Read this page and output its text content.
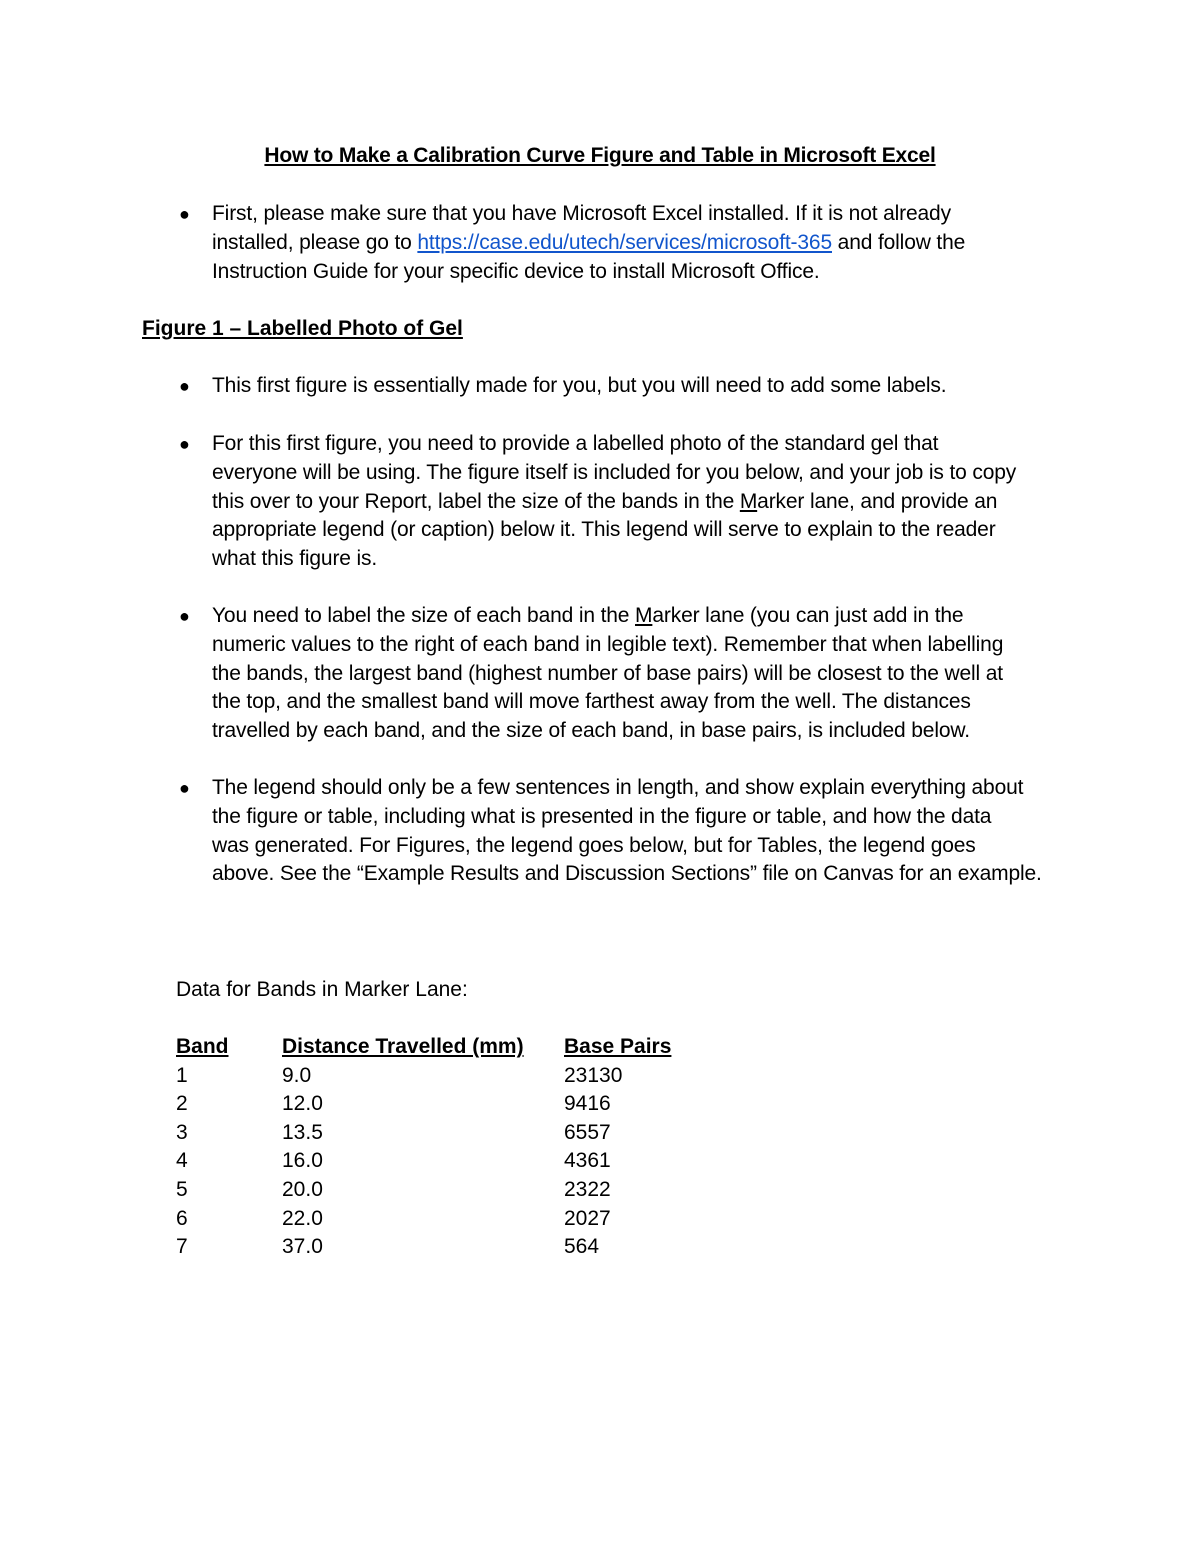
How to Make a Calibration Curve Figure and Table in Microsoft Excel
● First, please make sure that you have Microsoft Excel installed. If it is not already
installed, please go to https://case.edu/utech/services/microsoft-365 and follow the
Instruction Guide for your specific device to install Microsoft Office.
Figure 1 – Labelled Photo of Gel
● This first figure is essentially made for you, but you will need to add some labels.
● For this first figure, you need to provide a labelled photo of the standard gel that
everyone will be using. The figure itself is included for you below, and your job is to copy
this over to your Report, label the size of the bands in the Marker lane, and provide an
appropriate legend (or caption) below it. This legend will serve to explain to the reader
what this figure is.
● You need to label the size of each band in the Marker lane (you can just add in the
numeric values to the right of each band in legible text). Remember that when labelling
the bands, the largest band (highest number of base pairs) will be closest to the well at
the top, and the smallest band will move farthest away from the well. The distances
travelled by each band, and the size of each band, in base pairs, is included below.
● The legend should only be a few sentences in length, and show explain everything about
the figure or table, including what is presented in the figure or table, and how the data
was generated. For Figures, the legend goes below, but for Tables, the legend goes
above. See the “Example Results and Discussion Sections” file on Canvas for an example.
Data for Bands in Marker Lane:
Band	Distance Travelled (mm)	Base Pairs
1	9.0	23130
2	12.0	9416
3	13.5	6557
4	16.0	4361
5	20.0	2322
6	22.0	2027
7	37.0	564
